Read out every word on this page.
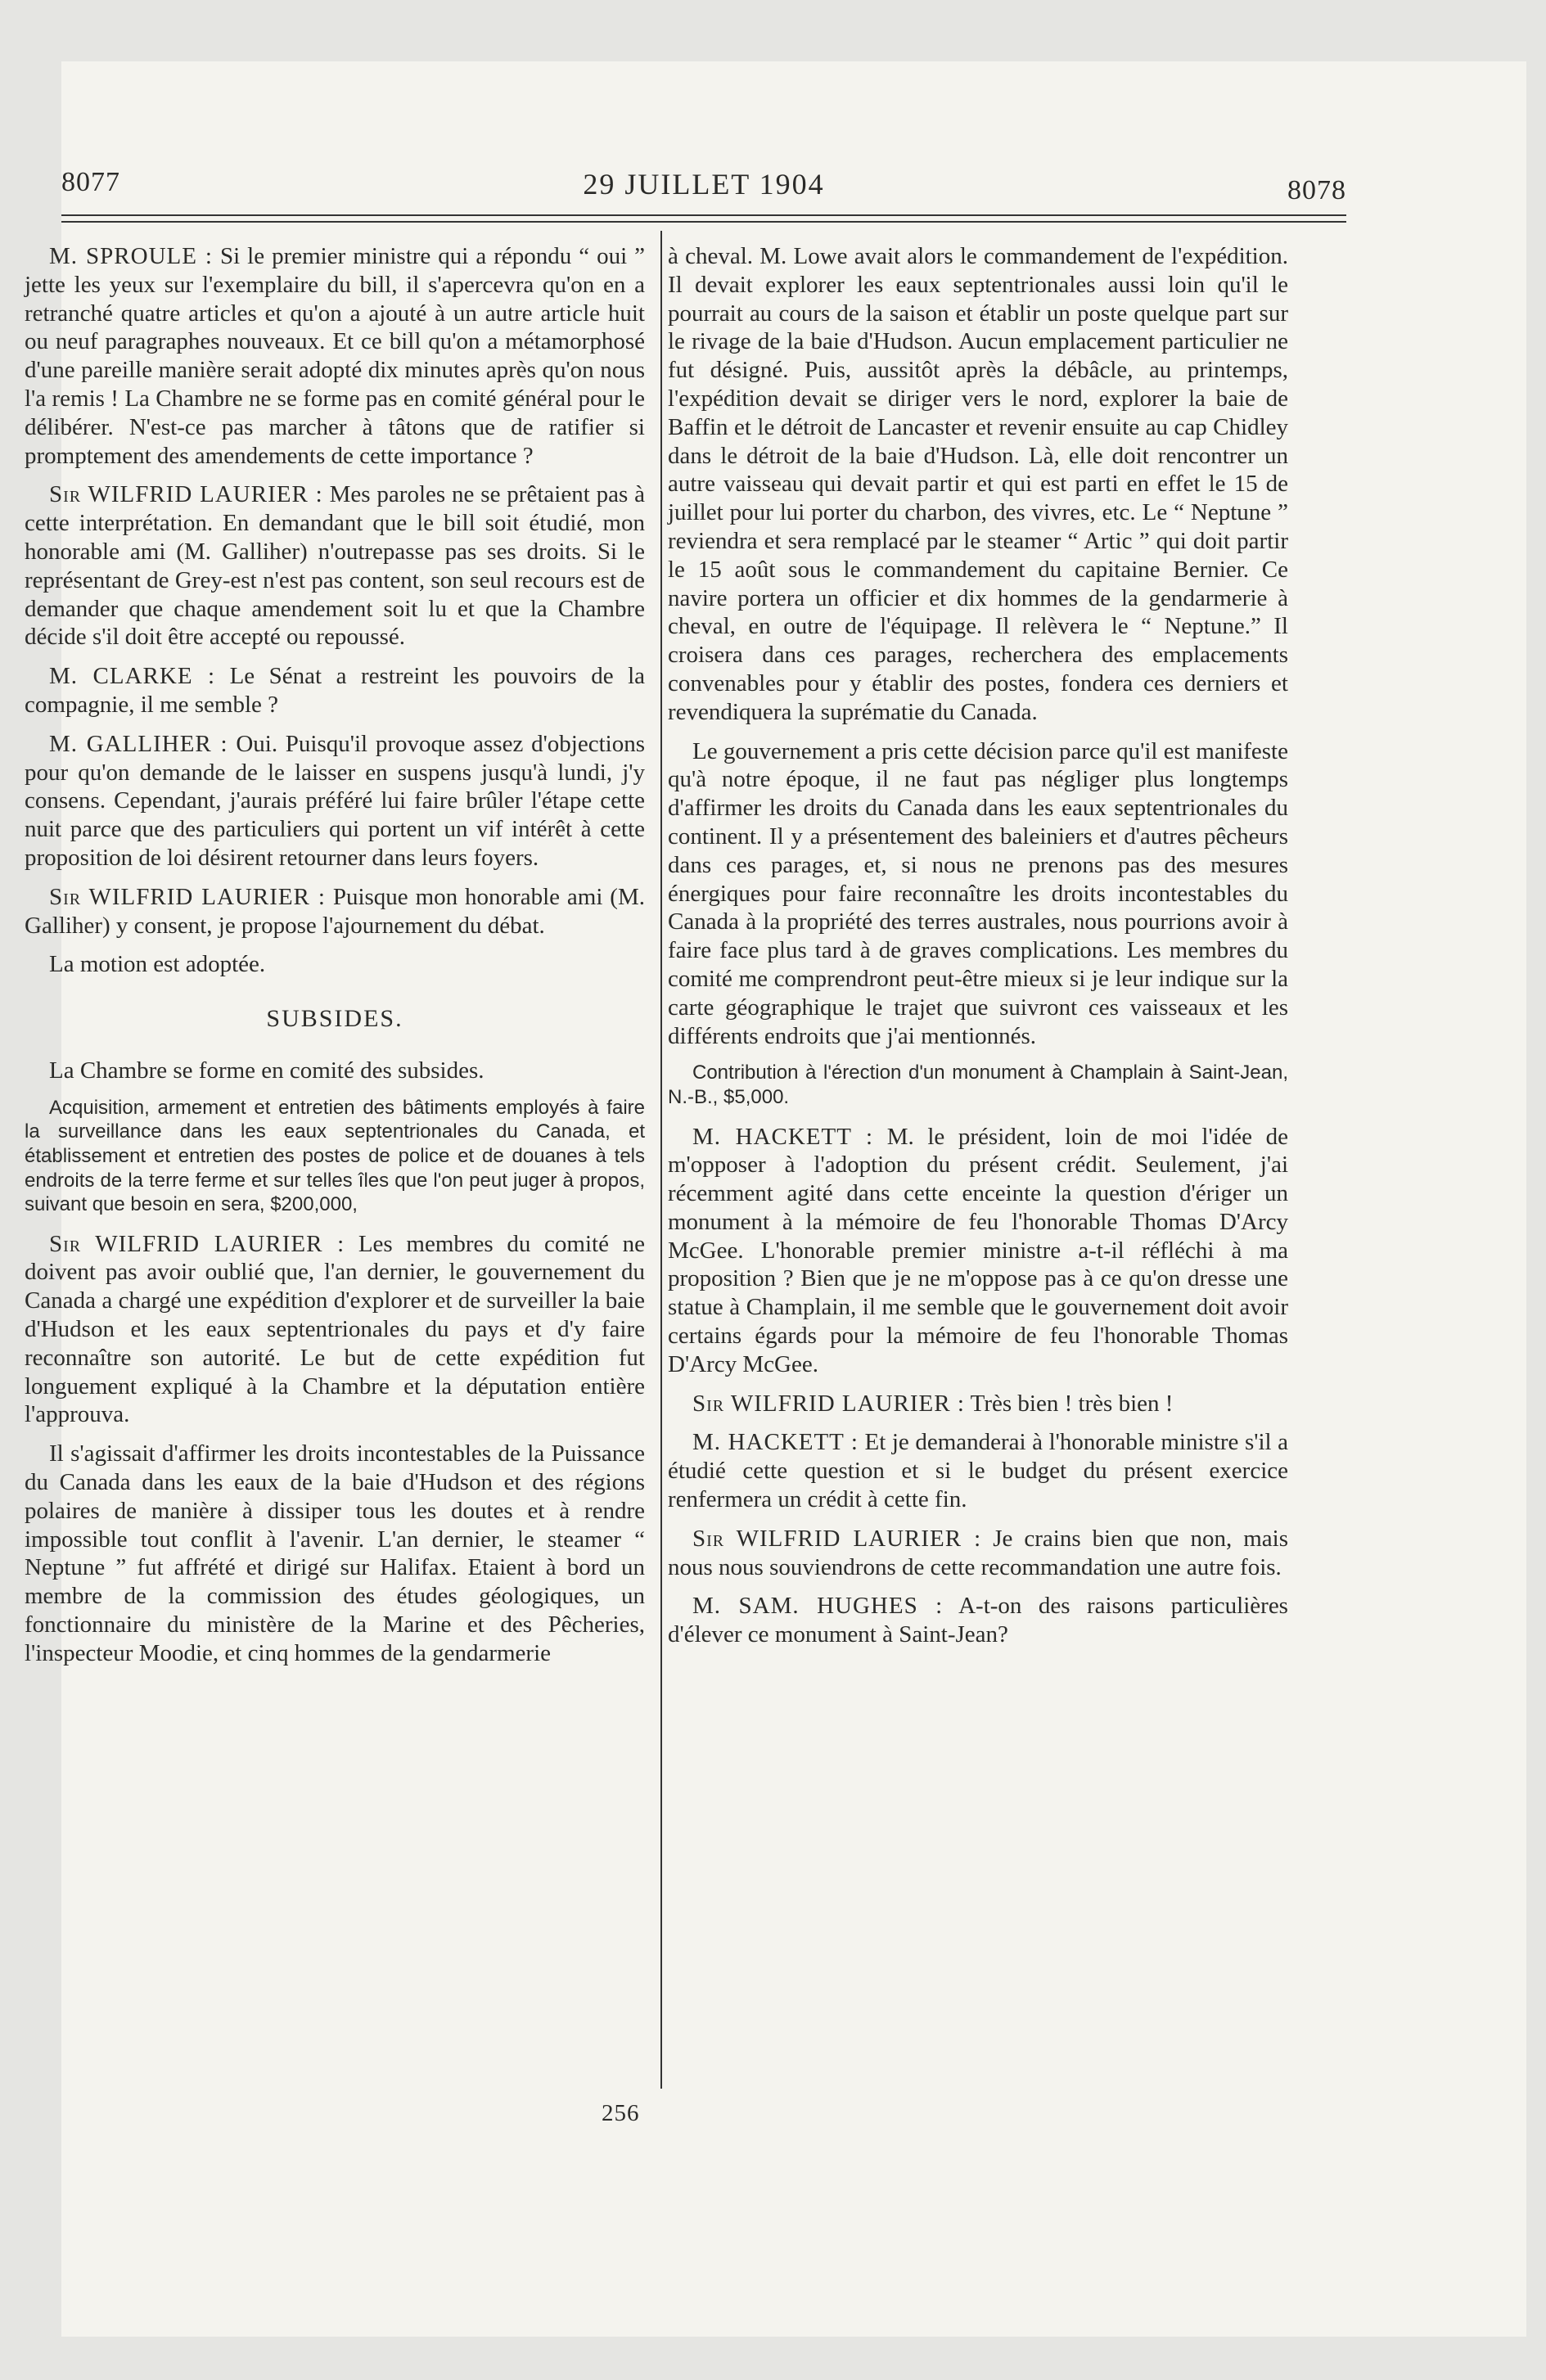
8077	29 JUILLET 1904	8078

M. SPROULE : Si le premier ministre qui a répondu “ oui ” jette les yeux sur l'exemplaire du bill, il s'apercevra qu'on en a retranché quatre articles et qu'on a ajouté à un autre article huit ou neuf paragraphes nouveaux. Et ce bill qu'on a métamorphosé d'une pareille manière serait adopté dix minutes après qu'on nous l'a remis ! La Chambre ne se forme pas en comité général pour le délibérer. N'est-ce pas marcher à tâtons que de ratifier si promptement des amendements de cette importance ?

Sir WILFRID LAURIER : Mes paroles ne se prêtaient pas à cette interprétation. En demandant que le bill soit étudié, mon honorable ami (M. Galliher) n'outrepasse pas ses droits. Si le représentant de Grey-est n'est pas content, son seul recours est de demander que chaque amendement soit lu et que la Chambre décide s'il doit être accepté ou repoussé.

M. CLARKE : Le Sénat a restreint les pouvoirs de la compagnie, il me semble ?

M. GALLIHER : Oui. Puisqu'il provoque assez d'objections pour qu'on demande de le laisser en suspens jusqu'à lundi, j'y consens. Cependant, j'aurais préféré lui faire brûler l'étape cette nuit parce que des particuliers qui portent un vif intérêt à cette proposition de loi désirent retourner dans leurs foyers.

Sir WILFRID LAURIER : Puisque mon honorable ami (M. Galliher) y consent, je propose l'ajournement du débat.

La motion est adoptée.

SUBSIDES.

La Chambre se forme en comité des subsides.

Acquisition, armement et entretien des bâtiments employés à faire la surveillance dans les eaux septentrionales du Canada, et établissement et entretien des postes de police et de douanes à tels endroits de la terre ferme et sur telles îles que l'on peut juger à propos, suivant que besoin en sera, $200,000,

Sir WILFRID LAURIER : Les membres du comité ne doivent pas avoir oublié que, l'an dernier, le gouvernement du Canada a chargé une expédition d'explorer et de surveiller la baie d'Hudson et les eaux septentrionales du pays et d'y faire reconnaître son autorité. Le but de cette expédition fut longuement expliqué à la Chambre et la députation entière l'approuva.

Il s'agissait d'affirmer les droits incontestables de la Puissance du Canada dans les eaux de la baie d'Hudson et des régions polaires de manière à dissiper tous les doutes et à rendre impossible tout conflit à l'avenir. L'an dernier, le steamer “ Neptune ” fut affrété et dirigé sur Halifax. Etaient à bord un membre de la commission des études géologiques, un fonctionnaire du ministère de la Marine et des Pêcheries, l'inspecteur Moodie, et cinq hommes de la gendarmerie

à cheval. M. Lowe avait alors le commandement de l'expédition. Il devait explorer les eaux septentrionales aussi loin qu'il le pourrait au cours de la saison et établir un poste quelque part sur le rivage de la baie d'Hudson. Aucun emplacement particulier ne fut désigné. Puis, aussitôt après la débâcle, au printemps, l'expédition devait se diriger vers le nord, explorer la baie de Baffin et le détroit de Lancaster et revenir ensuite au cap Chidley dans le détroit de la baie d'Hudson. Là, elle doit rencontrer un autre vaisseau qui devait partir et qui est parti en effet le 15 de juillet pour lui porter du charbon, des vivres, etc. Le “ Neptune ” reviendra et sera remplacé par le steamer “ Artic ” qui doit partir le 15 août sous le commandement du capitaine Bernier. Ce navire portera un officier et dix hommes de la gendarmerie à cheval, en outre de l'équipage. Il relèvera le “ Neptune.” Il croisera dans ces parages, recherchera des emplacements convenables pour y établir des postes, fondera ces derniers et revendiquera la suprématie du Canada.

Le gouvernement a pris cette décision parce qu'il est manifeste qu'à notre époque, il ne faut pas négliger plus longtemps d'affirmer les droits du Canada dans les eaux septentrionales du continent. Il y a présentement des baleiniers et d'autres pêcheurs dans ces parages, et, si nous ne prenons pas des mesures énergiques pour faire reconnaître les droits incontestables du Canada à la propriété des terres australes, nous pourrions avoir à faire face plus tard à de graves complications. Les membres du comité me comprendront peut-être mieux si je leur indique sur la carte géographique le trajet que suivront ces vaisseaux et les différents endroits que j'ai mentionnés.

Contribution à l'érection d'un monument à Champlain à Saint-Jean, N.-B., $5,000.

M. HACKETT : M. le président, loin de moi l'idée de m'opposer à l'adoption du présent crédit. Seulement, j'ai récemment agité dans cette enceinte la question d'ériger un monument à la mémoire de feu l'honorable Thomas D'Arcy McGee. L'honorable premier ministre a-t-il réfléchi à ma proposition ? Bien que je ne m'oppose pas à ce qu'on dresse une statue à Champlain, il me semble que le gouvernement doit avoir certains égards pour la mémoire de feu l'honorable Thomas D'Arcy McGee.

Sir WILFRID LAURIER : Très bien ! très bien !

M. HACKETT : Et je demanderai à l'honorable ministre s'il a étudié cette question et si le budget du présent exercice renfermera un crédit à cette fin.

Sir WILFRID LAURIER : Je crains bien que non, mais nous nous souviendrons de cette recommandation une autre fois.

M. SAM. HUGHES : A-t-on des raisons particulières d'élever ce monument à Saint-Jean?

256
